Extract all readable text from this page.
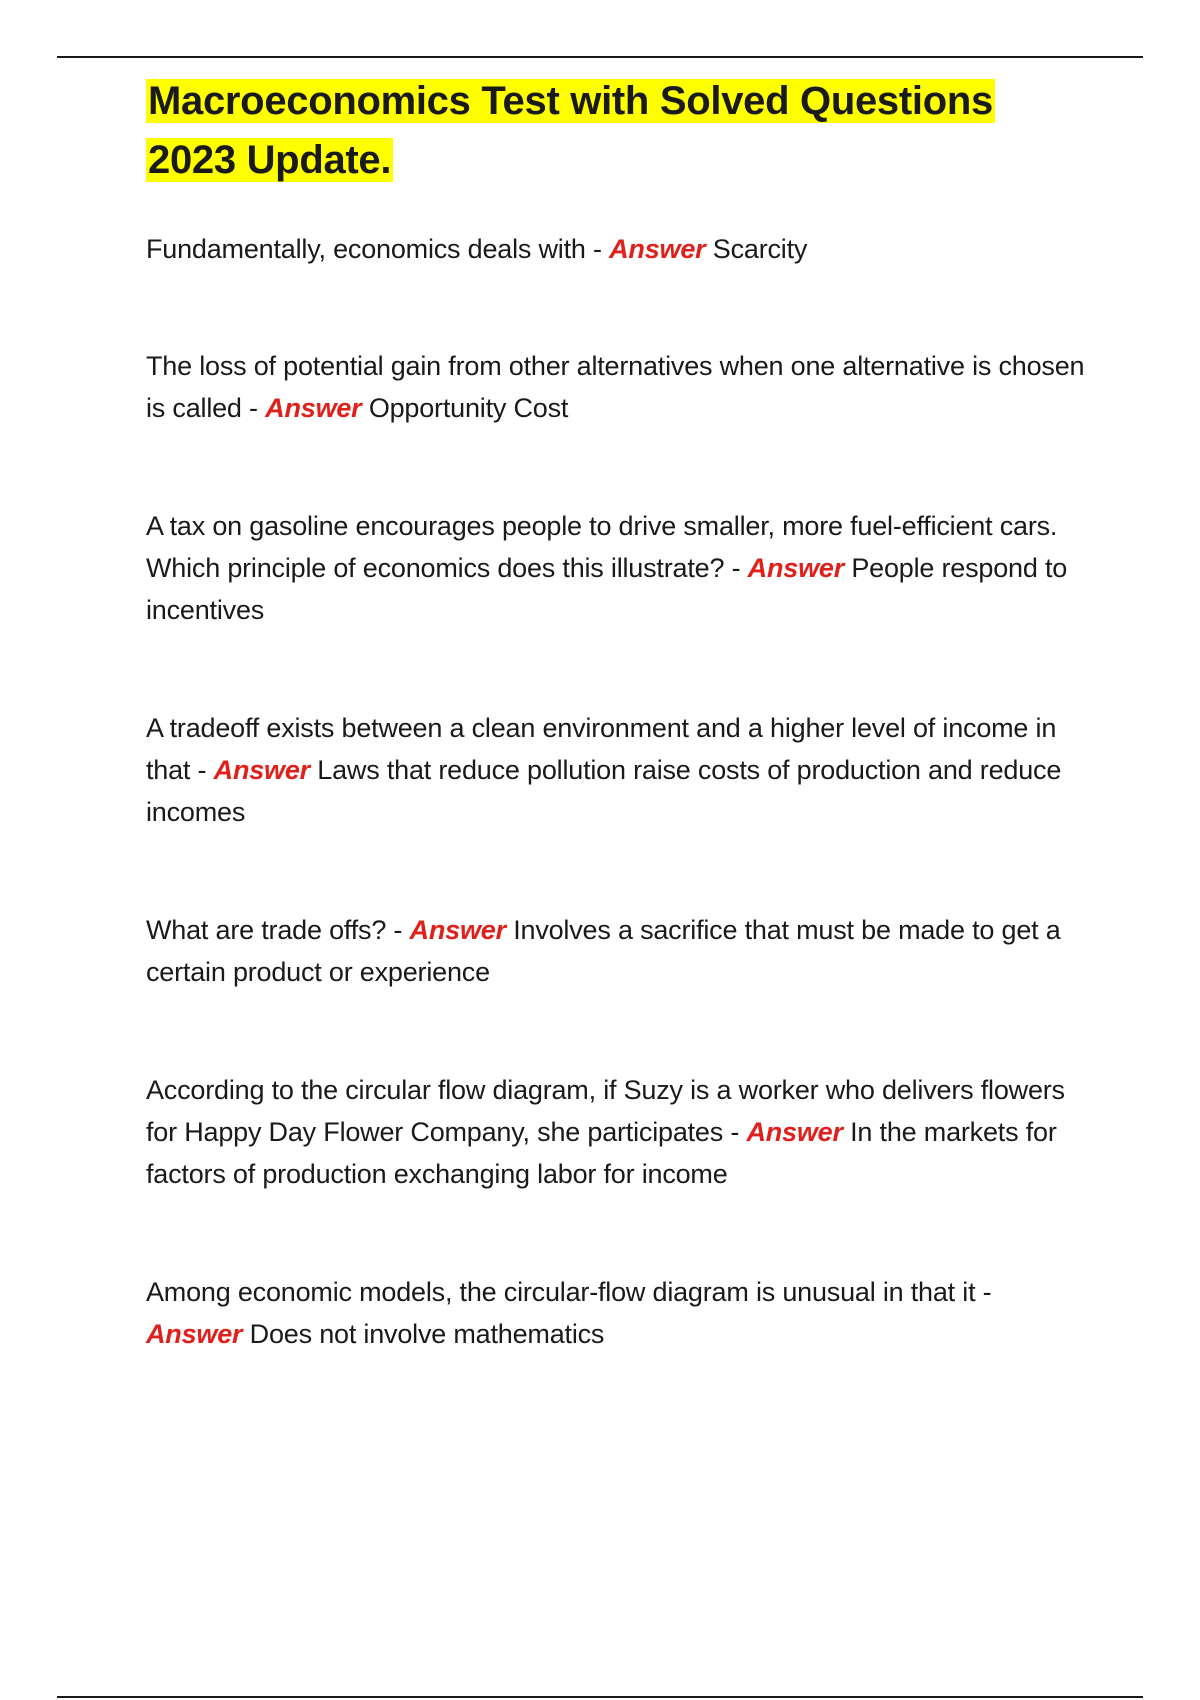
Macroeconomics Test with Solved Questions 2023 Update.
Fundamentally, economics deals with - Answer Scarcity
The loss of potential gain from other alternatives when one alternative is chosen is called - Answer Opportunity Cost
A tax on gasoline encourages people to drive smaller, more fuel-efficient cars. Which principle of economics does this illustrate? - Answer People respond to incentives
A tradeoff exists between a clean environment and a higher level of income in that - Answer Laws that reduce pollution raise costs of production and reduce incomes
What are trade offs? - Answer Involves a sacrifice that must be made to get a certain product or experience
According to the circular flow diagram, if Suzy is a worker who delivers flowers for Happy Day Flower Company, she participates - Answer In the markets for factors of production exchanging labor for income
Among economic models, the circular-flow diagram is unusual in that it - Answer Does not involve mathematics
